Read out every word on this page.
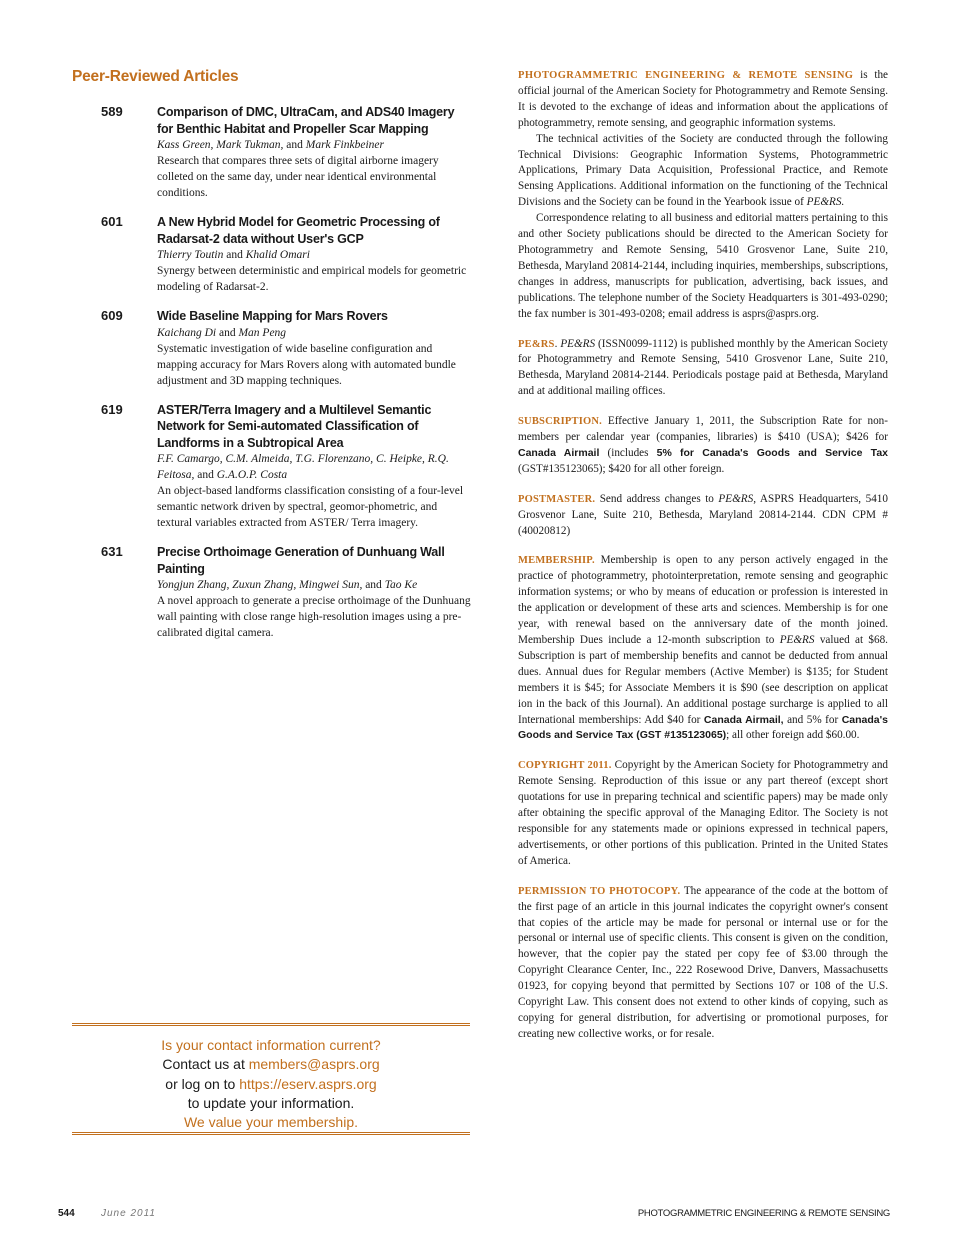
Peer-Reviewed Articles
589	Comparison of DMC, UltraCam, and ADS40 Imagery for Benthic Habitat and Propeller Scar Mapping
Kass Green, Mark Tukman, and Mark Finkbeiner
Research that compares three sets of digital airborne imagery colleted on the same day, under near identical environmental conditions.
601	A New Hybrid Model for Geometric Processing of Radarsat-2 data without User's GCP
Thierry Toutin and Khalid Omari
Synergy between deterministic and empirical models for geometric modeling of Radarsat-2.
609	Wide Baseline Mapping for Mars Rovers
Kaichang Di and Man Peng
Systematic investigation of wide baseline configuration and mapping accuracy for Mars Rovers along with automated bundle adjustment and 3D mapping techniques.
619	ASTER/Terra Imagery and a Multilevel Semantic Network for Semi-automated Classification of Landforms in a Subtropical Area
F.F. Camargo, C.M. Almeida, T.G. Florenzano, C. Heipke, R.Q. Feitosa, and G.A.O.P. Costa
An object-based landforms classification consisting of a four-level semantic network driven by spectral, geomor-phometric, and textural variables extracted from ASTER/ Terra imagery.
631	Precise Orthoimage Generation of Dunhuang Wall Painting
Yongjun Zhang, Zuxun Zhang, Mingwei Sun, and Tao Ke
A novel approach to generate a precise orthoimage of the Dunhuang wall painting with close range high-resolution images using a pre-calibrated digital camera.
Is your contact information current?
Contact us at members@asprs.org
or log on to https://eserv.asprs.org
to update your information.
We value your membership.

PHOTOGRAMMETRIC ENGINEERING & REMOTE SENSING is the official journal of the American Society for Photogrammetry and Remote Sensing. It is devoted to the exchange of ideas and information about the applications of photogrammetry, remote sensing, and geographic information systems.

The technical activities of the Society are conducted through the following Technical Divisions: Geographic Information Systems, Photogrammetric Applications, Primary Data Acquisition, Professional Practice, and Remote Sensing Applications. Additional information on the functioning of the Technical Divisions and the Society can be found in the Yearbook issue of PE&RS.

Correspondence relating to all business and editorial matters pertaining to this and other Society publications should be directed to the American Society for Photogrammetry and Remote Sensing, 5410 Grosvenor Lane, Suite 210, Bethesda, Maryland 20814-2144, including inquiries, memberships, subscriptions, changes in address, manuscripts for publication, advertising, back issues, and publications. The telephone number of the Society Headquarters is 301-493-0290; the fax number is 301-493-0208; email address is asprs@asprs.org.

PE&RS. PE&RS (ISSN0099-1112) is published monthly by the American Society for Photogrammetry and Remote Sensing, 5410 Grosvenor Lane, Suite 210, Bethesda, Maryland 20814-2144. Periodicals postage paid at Bethesda, Maryland and at additional mailing offices.

SUBSCRIPTION. Effective January 1, 2011, the Subscription Rate for non-members per calendar year (companies, libraries) is $410 (USA); $426 for Canada Airmail (includes 5% for Canada's Goods and Service Tax (GST#135123065); $420 for all other foreign.

POSTMASTER. Send address changes to PE&RS, ASPRS Headquarters, 5410 Grosvenor Lane, Suite 210, Bethesda, Maryland 20814-2144. CDN CPM #(40020812)

MEMBERSHIP. Membership is open to any person actively engaged in the practice of photogrammetry, photointerpretation, remote sensing and geographic information systems; or who by means of education or profession is interested in the application or development of these arts and sciences. Membership is for one year, with renewal based on the anniversary date of the month joined. Membership Dues include a 12-month subscription to PE&RS valued at $68. Subscription is part of membership benefits and cannot be deducted from annual dues. Annual dues for Regular members (Active Member) is $135; for Student members it is $45; for Associate Members it is $90 (see description on applicat ion in the back of this Journal). An additional postage surcharge is applied to all International memberships: Add $40 for Canada Airmail, and 5% for Canada's Goods and Service Tax (GST #135123065); all other foreign add $60.00.

COPYRIGHT 2011. Copyright by the American Society for Photogrammetry and Remote Sensing. Reproduction of this issue or any part thereof (except short quotations for use in preparing technical and scientific papers) may be made only after obtaining the specific approval of the Managing Editor. The Society is not responsible for any statements made or opinions expressed in technical papers, advertisements, or other portions of this publication. Printed in the United States of America.

PERMISSION TO PHOTOCOPY. The appearance of the code at the bottom of the first page of an article in this journal indicates the copyright owner's consent that copies of the article may be made for personal or internal use or for the personal or internal use of specific clients. This consent is given on the condition, however, that the copier pay the stated per copy fee of $3.00 through the Copyright Clearance Center, Inc., 222 Rosewood Drive, Danvers, Massachusetts 01923, for copying beyond that permitted by Sections 107 or 108 of the U.S. Copyright Law. This consent does not extend to other kinds of copying, such as copying for general distribution, for advertising or promotional purposes, for creating new collective works, or for resale.

544	June 2011	PHOTOGRAMMETRIC ENGINEERING & REMOTE SENSING
